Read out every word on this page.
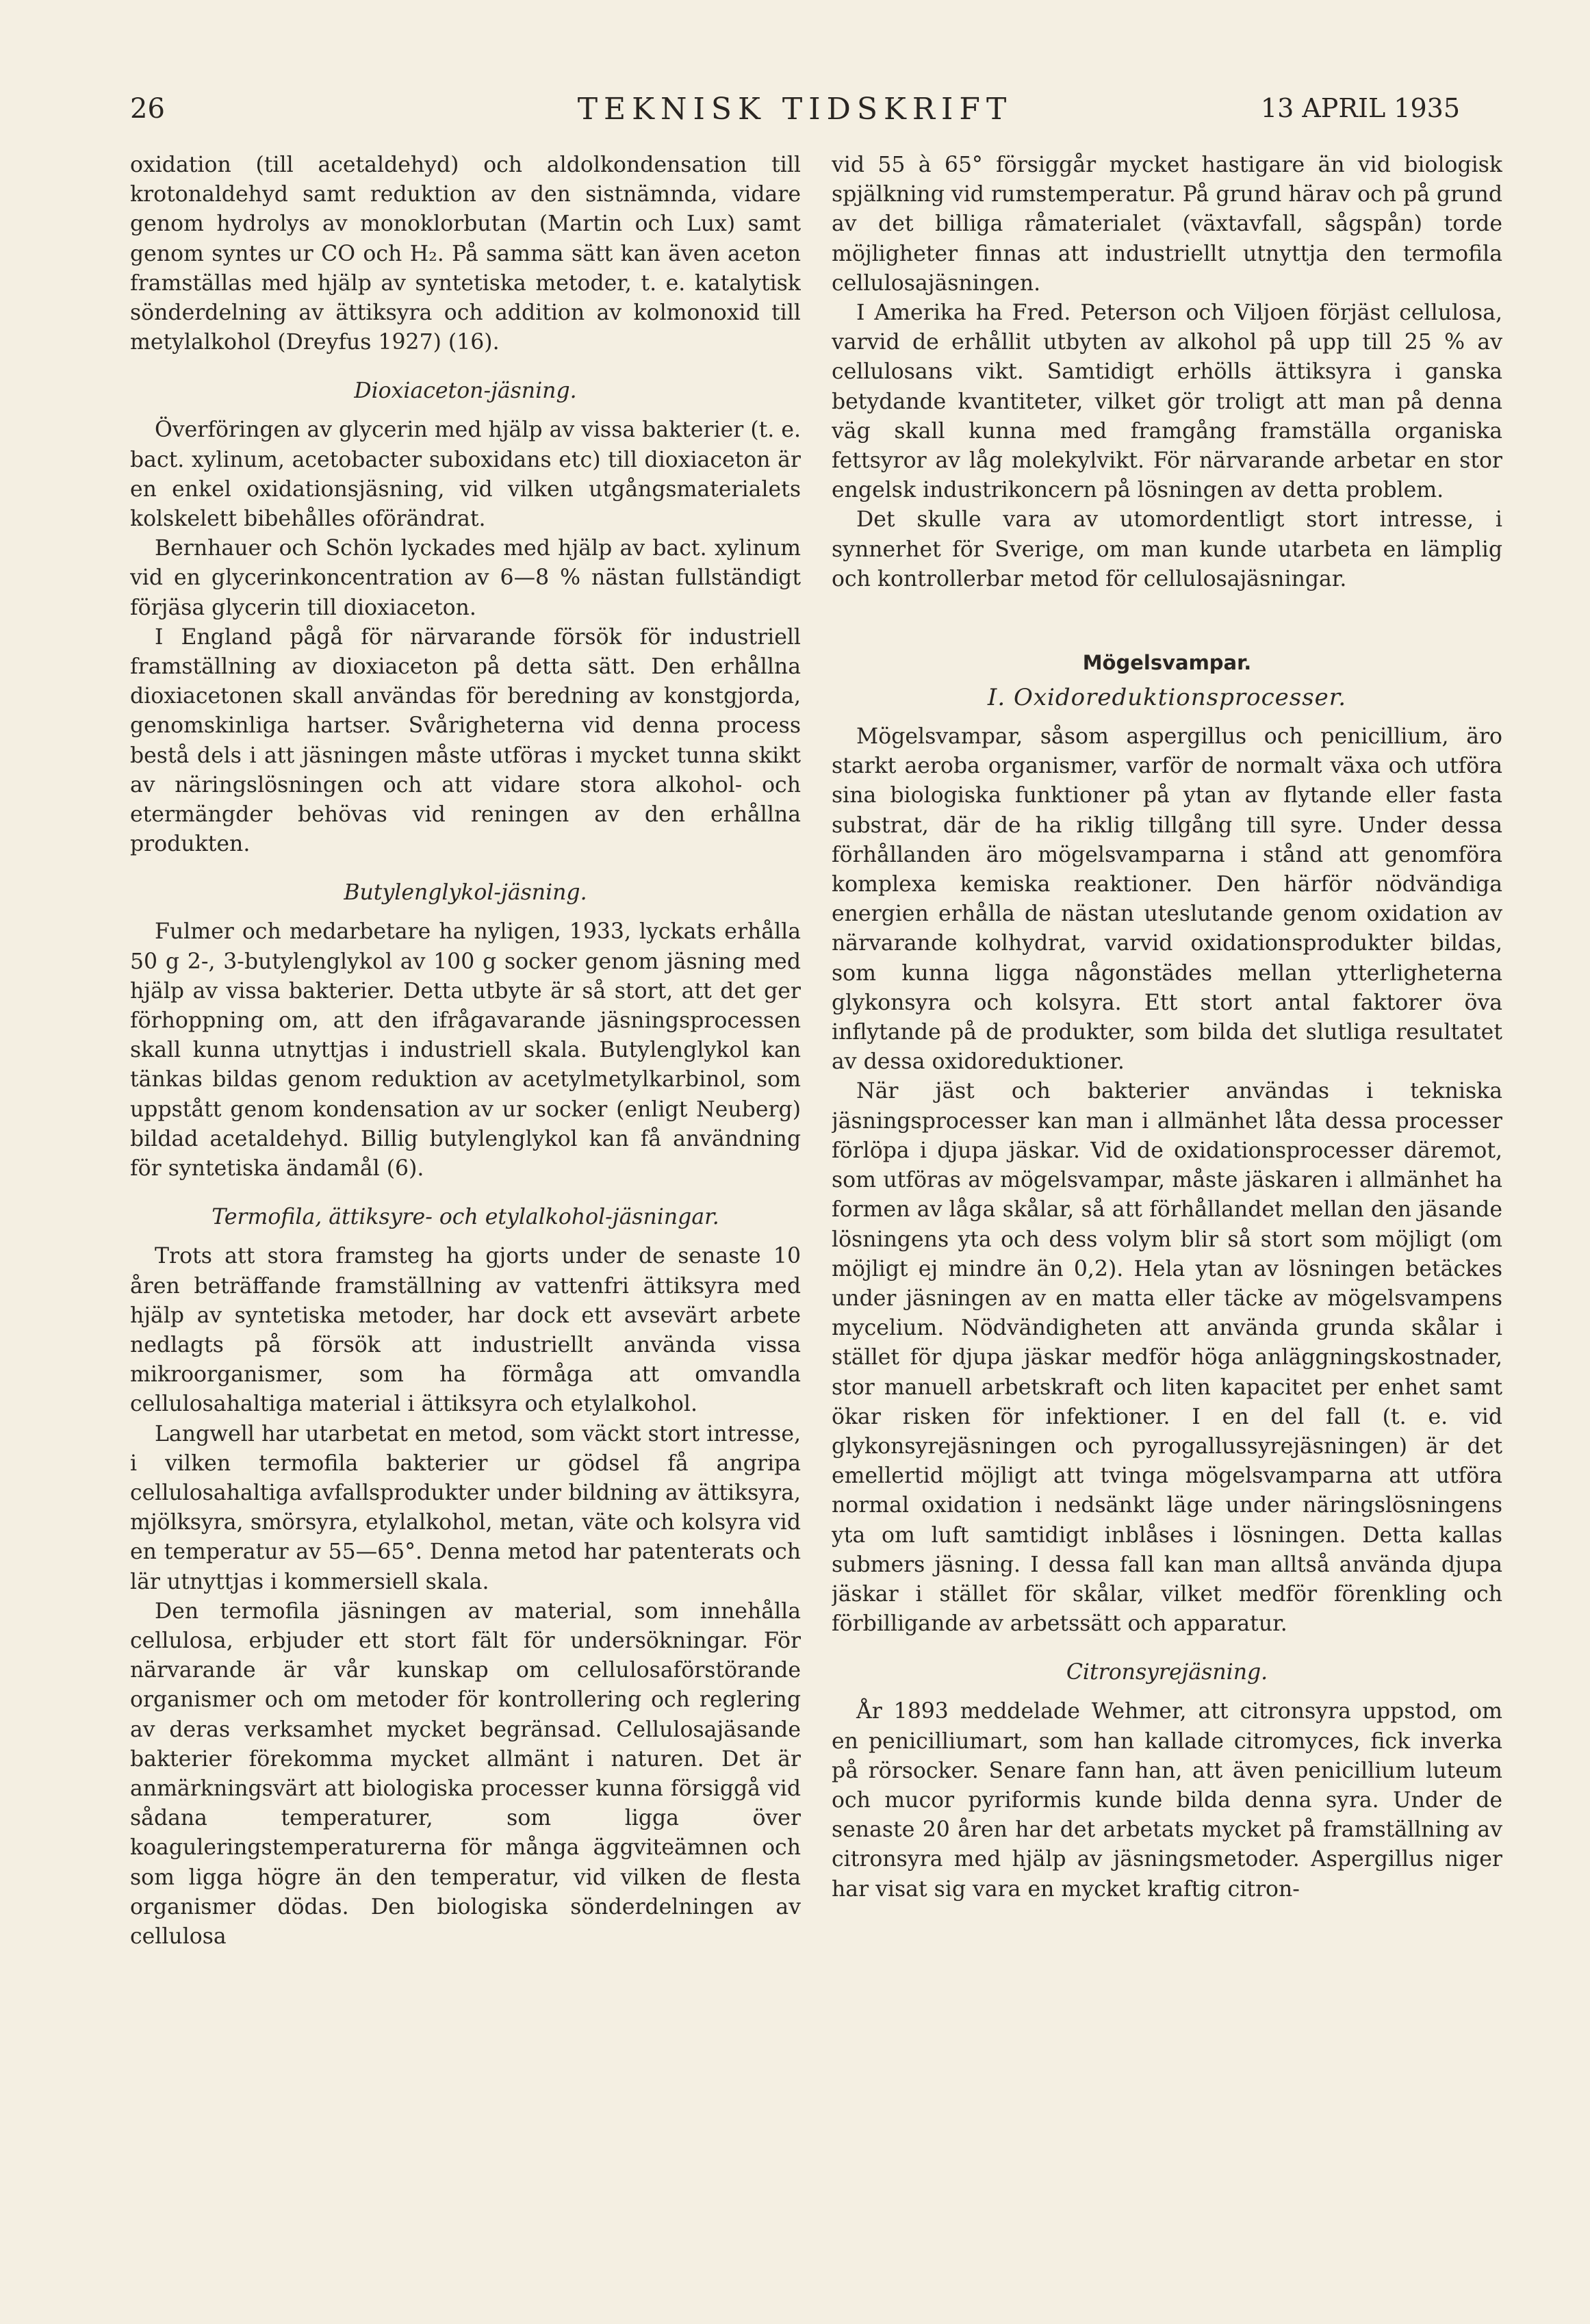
26	TEKNISK TIDSKRIFT	13 APRIL 1935

oxidation (till acetaldehyd) och aldolkondensation till krotonaldehyd samt reduktion av den sistnämnda, vidare genom hydrolys av monoklorbutan (Martin och Lux) samt genom syntes ur CO och H₂. På samma sätt kan även aceton framställas med hjälp av syntetiska metoder, t. e. katalytisk sönderdelning av ättiksyra och addition av kolmonoxid till metylalkohol (Dreyfus 1927) (16).

Dioxiaceton-jäsning.

Överföringen av glycerin med hjälp av vissa bakterier (t. e. bact. xylinum, acetobacter suboxidans etc) till dioxiaceton är en enkel oxidationsjäsning, vid vilken utgångsmaterialets kolskelett bibehålles oförändrat.

Bernhauer och Schön lyckades med hjälp av bact. xylinum vid en glycerinkoncentration av 6—8 % nästan fullständigt förjäsa glycerin till dioxiaceton.

I England pågå för närvarande försök för industriell framställning av dioxiaceton på detta sätt. Den erhållna dioxiacetonen skall användas för beredning av konstgjorda, genomskinliga hartser. Svårigheterna vid denna process bestå dels i att jäsningen måste utföras i mycket tunna skikt av näringslösningen och att vidare stora alkohol- och etermängder behövas vid reningen av den erhållna produkten.

Butylenglykol-jäsning.

Fulmer och medarbetare ha nyligen, 1933, lyckats erhålla 50 g 2-, 3-butylenglykol av 100 g socker genom jäsning med hjälp av vissa bakterier. Detta utbyte är så stort, att det ger förhoppning om, att den ifrågavarande jäsningsprocessen skall kunna utnyttjas i industriell skala. Butylenglykol kan tänkas bildas genom reduktion av acetylmetylkarbinol, som uppstått genom kondensation av ur socker (enligt Neuberg) bildad acetaldehyd. Billig butylenglykol kan få användning för syntetiska ändamål (6).

Termofila, ättiksyre- och etylalkohol-jäsningar.

Trots att stora framsteg ha gjorts under de senaste 10 åren beträffande framställning av vattenfri ättiksyra med hjälp av syntetiska metoder, har dock ett avsevärt arbete nedlagts på försök att industriellt använda vissa mikroorganismer, som ha förmåga att omvandla cellulosahaltiga material i ättiksyra och etylalkohol.

Langwell har utarbetat en metod, som väckt stort intresse, i vilken termofila bakterier ur gödsel få angripa cellulosahaltiga avfallsprodukter under bildning av ättiksyra, mjölksyra, smörsyra, etylalkohol, metan, väte och kolsyra vid en temperatur av 55—65°. Denna metod har patenterats och lär utnyttjas i kommersiell skala.

Den termofila jäsningen av material, som innehålla cellulosa, erbjuder ett stort fält för undersökningar. För närvarande är vår kunskap om cellulosaförstörande organismer och om metoder för kontrollering och reglering av deras verksamhet mycket begränsad. Cellulosajäsande bakterier förekomma mycket allmänt i naturen. Det är anmärkningsvärt att biologiska processer kunna försiggå vid sådana temperaturer, som ligga över koaguleringstemperaturerna för många äggviteämnen och som ligga högre än den temperatur, vid vilken de flesta organismer dödas. Den biologiska sönderdelningen av cellulosa

vid 55 à 65° försiggår mycket hastigare än vid biologisk spjälkning vid rumstemperatur. På grund härav och på grund av det billiga råmaterialet (växtavfall, sågspån) torde möjligheter finnas att industriellt utnyttja den termofila cellulosajäsningen.

I Amerika ha Fred. Peterson och Viljoen förjäst cellulosa, varvid de erhållit utbyten av alkohol på upp till 25 % av cellulosans vikt. Samtidigt erhölls ättiksyra i ganska betydande kvantiteter, vilket gör troligt att man på denna väg skall kunna med framgång framställa organiska fettsyror av låg molekylvikt. För närvarande arbetar en stor engelsk industrikoncern på lösningen av detta problem.

Det skulle vara av utomordentligt stort intresse, i synnerhet för Sverige, om man kunde utarbeta en lämplig och kontrollerbar metod för cellulosajäsningar.

Mögelsvampar.
I. Oxidoreduktionsprocesser.

Mögelsvampar, såsom aspergillus och penicillium, äro starkt aeroba organismer, varför de normalt växa och utföra sina biologiska funktioner på ytan av flytande eller fasta substrat, där de ha riklig tillgång till syre. Under dessa förhållanden äro mögelsvamparna i stånd att genomföra komplexa kemiska reaktioner. Den härför nödvändiga energien erhålla de nästan uteslutande genom oxidation av närvarande kolhydrat, varvid oxidationsprodukter bildas, som kunna ligga någonstädes mellan ytterligheterna glykonsyra och kolsyra. Ett stort antal faktorer öva inflytande på de produkter, som bilda det slutliga resultatet av dessa oxidoreduktioner.

När jäst och bakterier användas i tekniska jäsningsprocesser kan man i allmänhet låta dessa processer förlöpa i djupa jäskar. Vid de oxidationsprocesser däremot, som utföras av mögelsvampar, måste jäskaren i allmänhet ha formen av låga skålar, så att förhållandet mellan den jäsande lösningens yta och dess volym blir så stort som möjligt (om möjligt ej mindre än 0,2). Hela ytan av lösningen betäckes under jäsningen av en matta eller täcke av mögelsvampens mycelium. Nödvändigheten att använda grunda skålar i stället för djupa jäskar medför höga anläggningskostnader, stor manuell arbetskraft och liten kapacitet per enhet samt ökar risken för infektioner. I en del fall (t. e. vid glykonsyrejäsningen och pyrogallussyrejäsningen) är det emellertid möjligt att tvinga mögelsvamparna att utföra normal oxidation i nedsänkt läge under näringslösningens yta om luft samtidigt inblåses i lösningen. Detta kallas submers jäsning. I dessa fall kan man alltså använda djupa jäskar i stället för skålar, vilket medför förenkling och förbilligande av arbetssätt och apparatur.

Citronsyrejäsning.

År 1893 meddelade Wehmer, att citronsyra uppstod, om en penicilliumart, som han kallade citromyces, fick inverka på rörsocker. Senare fann han, att även penicillium luteum och mucor pyriformis kunde bilda denna syra. Under de senaste 20 åren har det arbetats mycket på framställning av citronsyra med hjälp av jäsningsmetoder. Aspergillus niger har visat sig vara en mycket kraftig citron-
